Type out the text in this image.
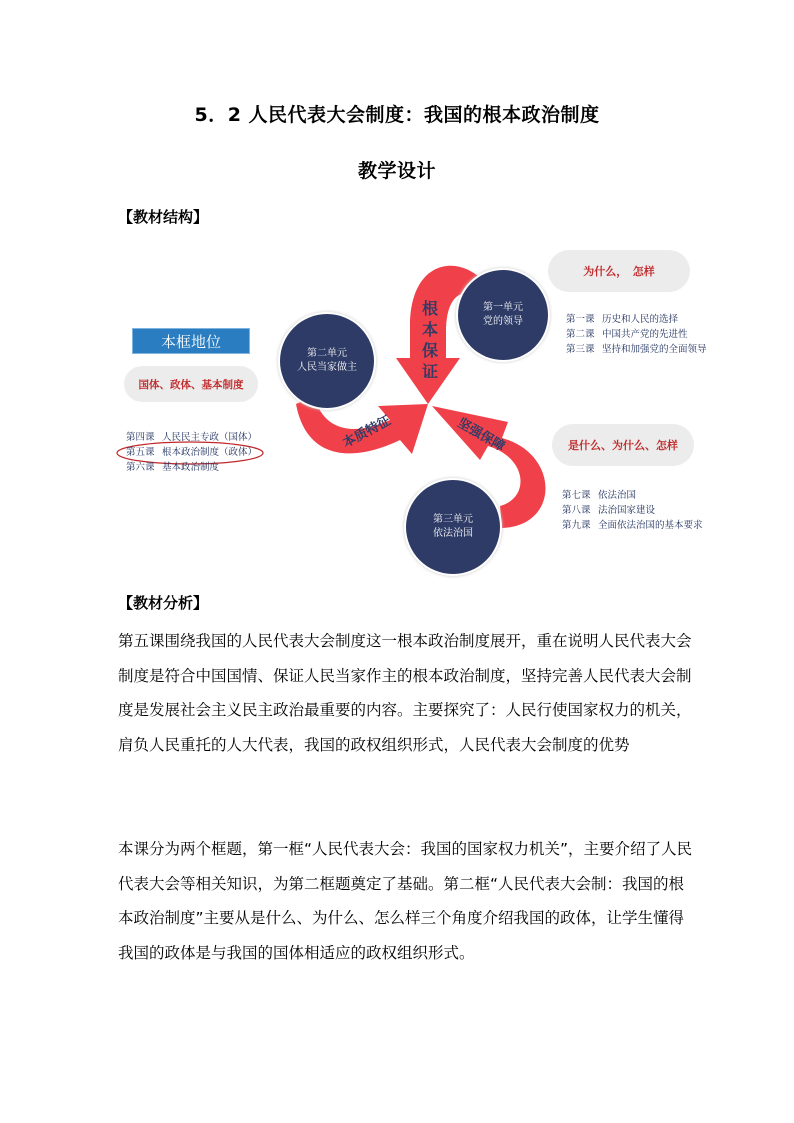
5．2 人民代表大会制度：我国的根本政治制度
教学设计
【教材结构】
本框地位
国体、政体、基本制度
第四课 人民民主专政（国体）
第五课 根本政治制度（政体）
第六课 基本政治制度
第二单元
人民当家做主
第一单元
党的领导
第三单元
依法治国
根
本
保
证
本质特征	坚强保障
为什么，　怎样
第一课 历史和人民的选择
第二课 中国共产党的先进性
第三课 坚持和加强党的全面领导
是什么、为什么、怎样
第七课 依法治国
第八课 法治国家建设
第九课 全面依法治国的基本要求
【教材分析】
第五课围绕我国的人民代表大会制度这一根本政治制度展开，重在说明人民代表大会制度是符合中国国情、保证人民当家作主的根本政治制度，坚持完善人民代表大会制度是发展社会主义民主政治最重要的内容。主要探究了：人民行使国家权力的机关，肩负人民重托的人大代表，我国的政权组织形式，人民代表大会制度的优势
本课分为两个框题，第一框“人民代表大会：我国的国家权力机关”，主要介绍了人民代表大会等相关知识，为第二框题奠定了基础。第二框“人民代表大会制：我国的根本政治制度”主要从是什么、为什么、怎么样三个角度介绍我国的政体，让学生懂得我国的政体是与我国的国体相适应的政权组织形式。
